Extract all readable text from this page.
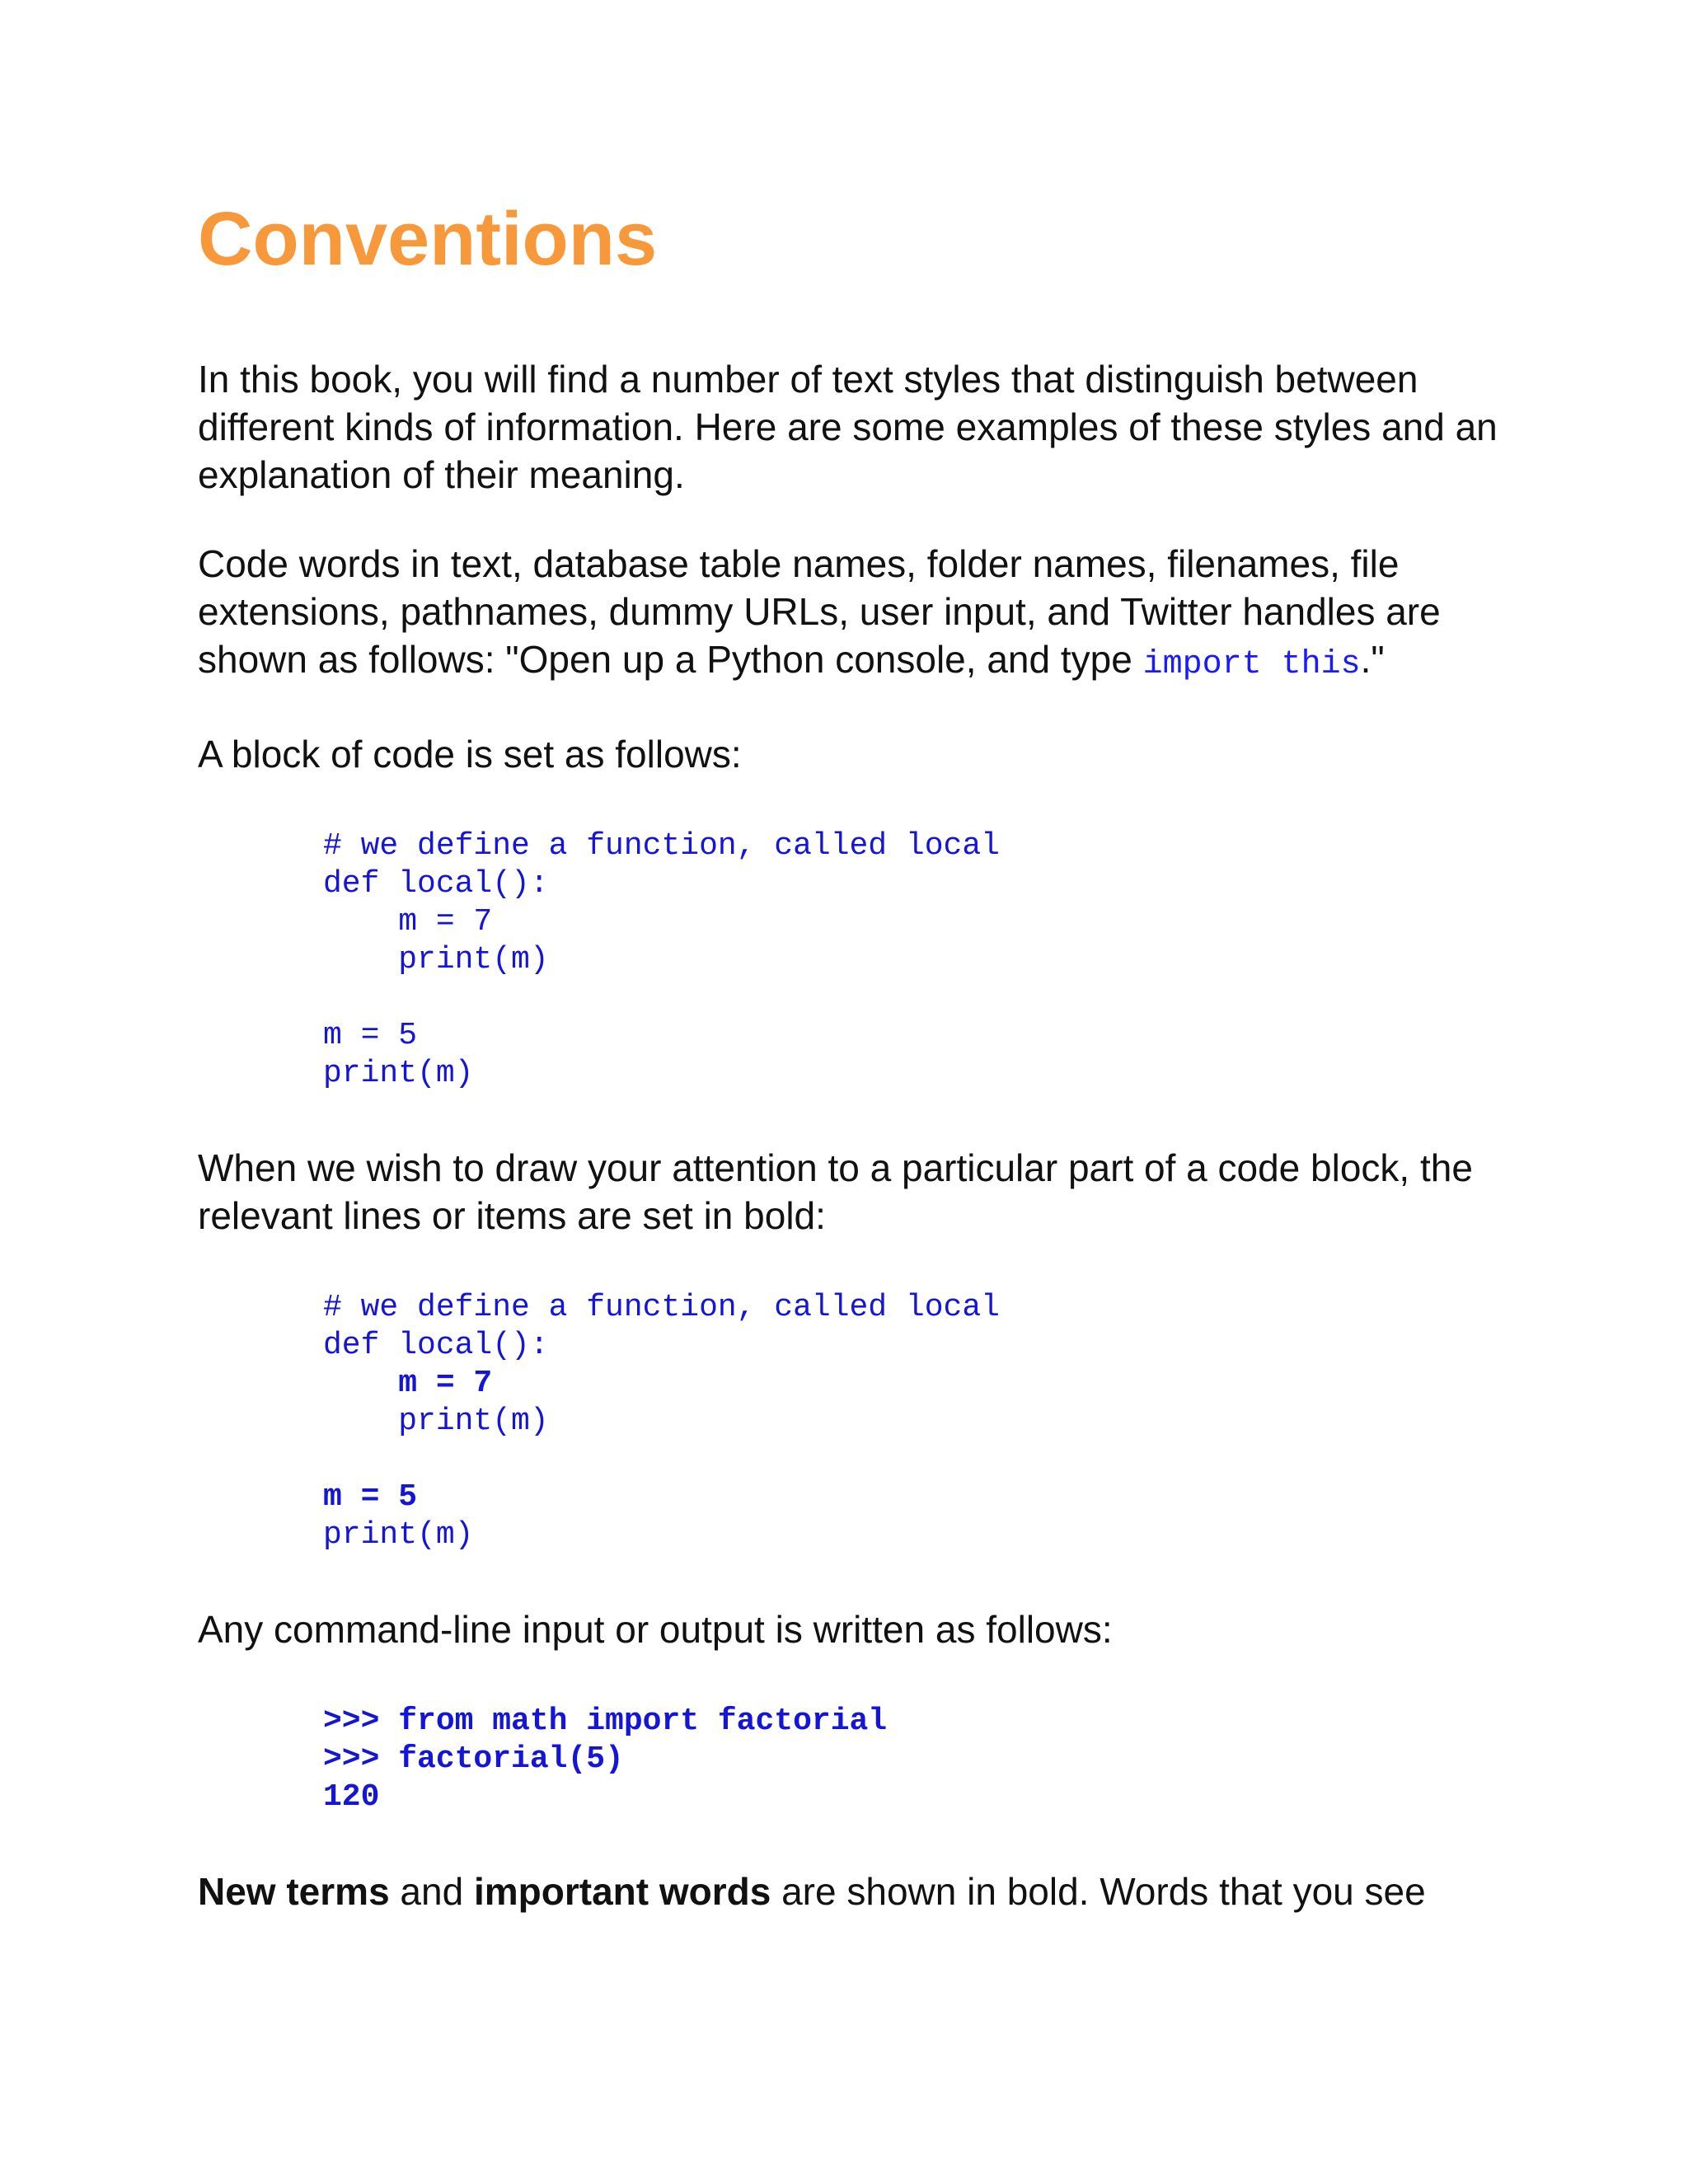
Conventions

In this book, you will find a number of text styles that distinguish between different kinds of information. Here are some examples of these styles and an explanation of their meaning.

Code words in text, database table names, folder names, filenames, file extensions, pathnames, dummy URLs, user input, and Twitter handles are shown as follows: "Open up a Python console, and type import this."

A block of code is set as follows:

# we define a function, called local
def local():
m = 7
print(m)
m = 5
print(m)

When we wish to draw your attention to a particular part of a code block, the relevant lines or items are set in bold:

# we define a function, called local
def local():
m = 7
print(m)
m = 5
print(m)

Any command-line input or output is written as follows:

>>> from math import factorial
>>> factorial(5)
120

New terms and important words are shown in bold. Words that you see
